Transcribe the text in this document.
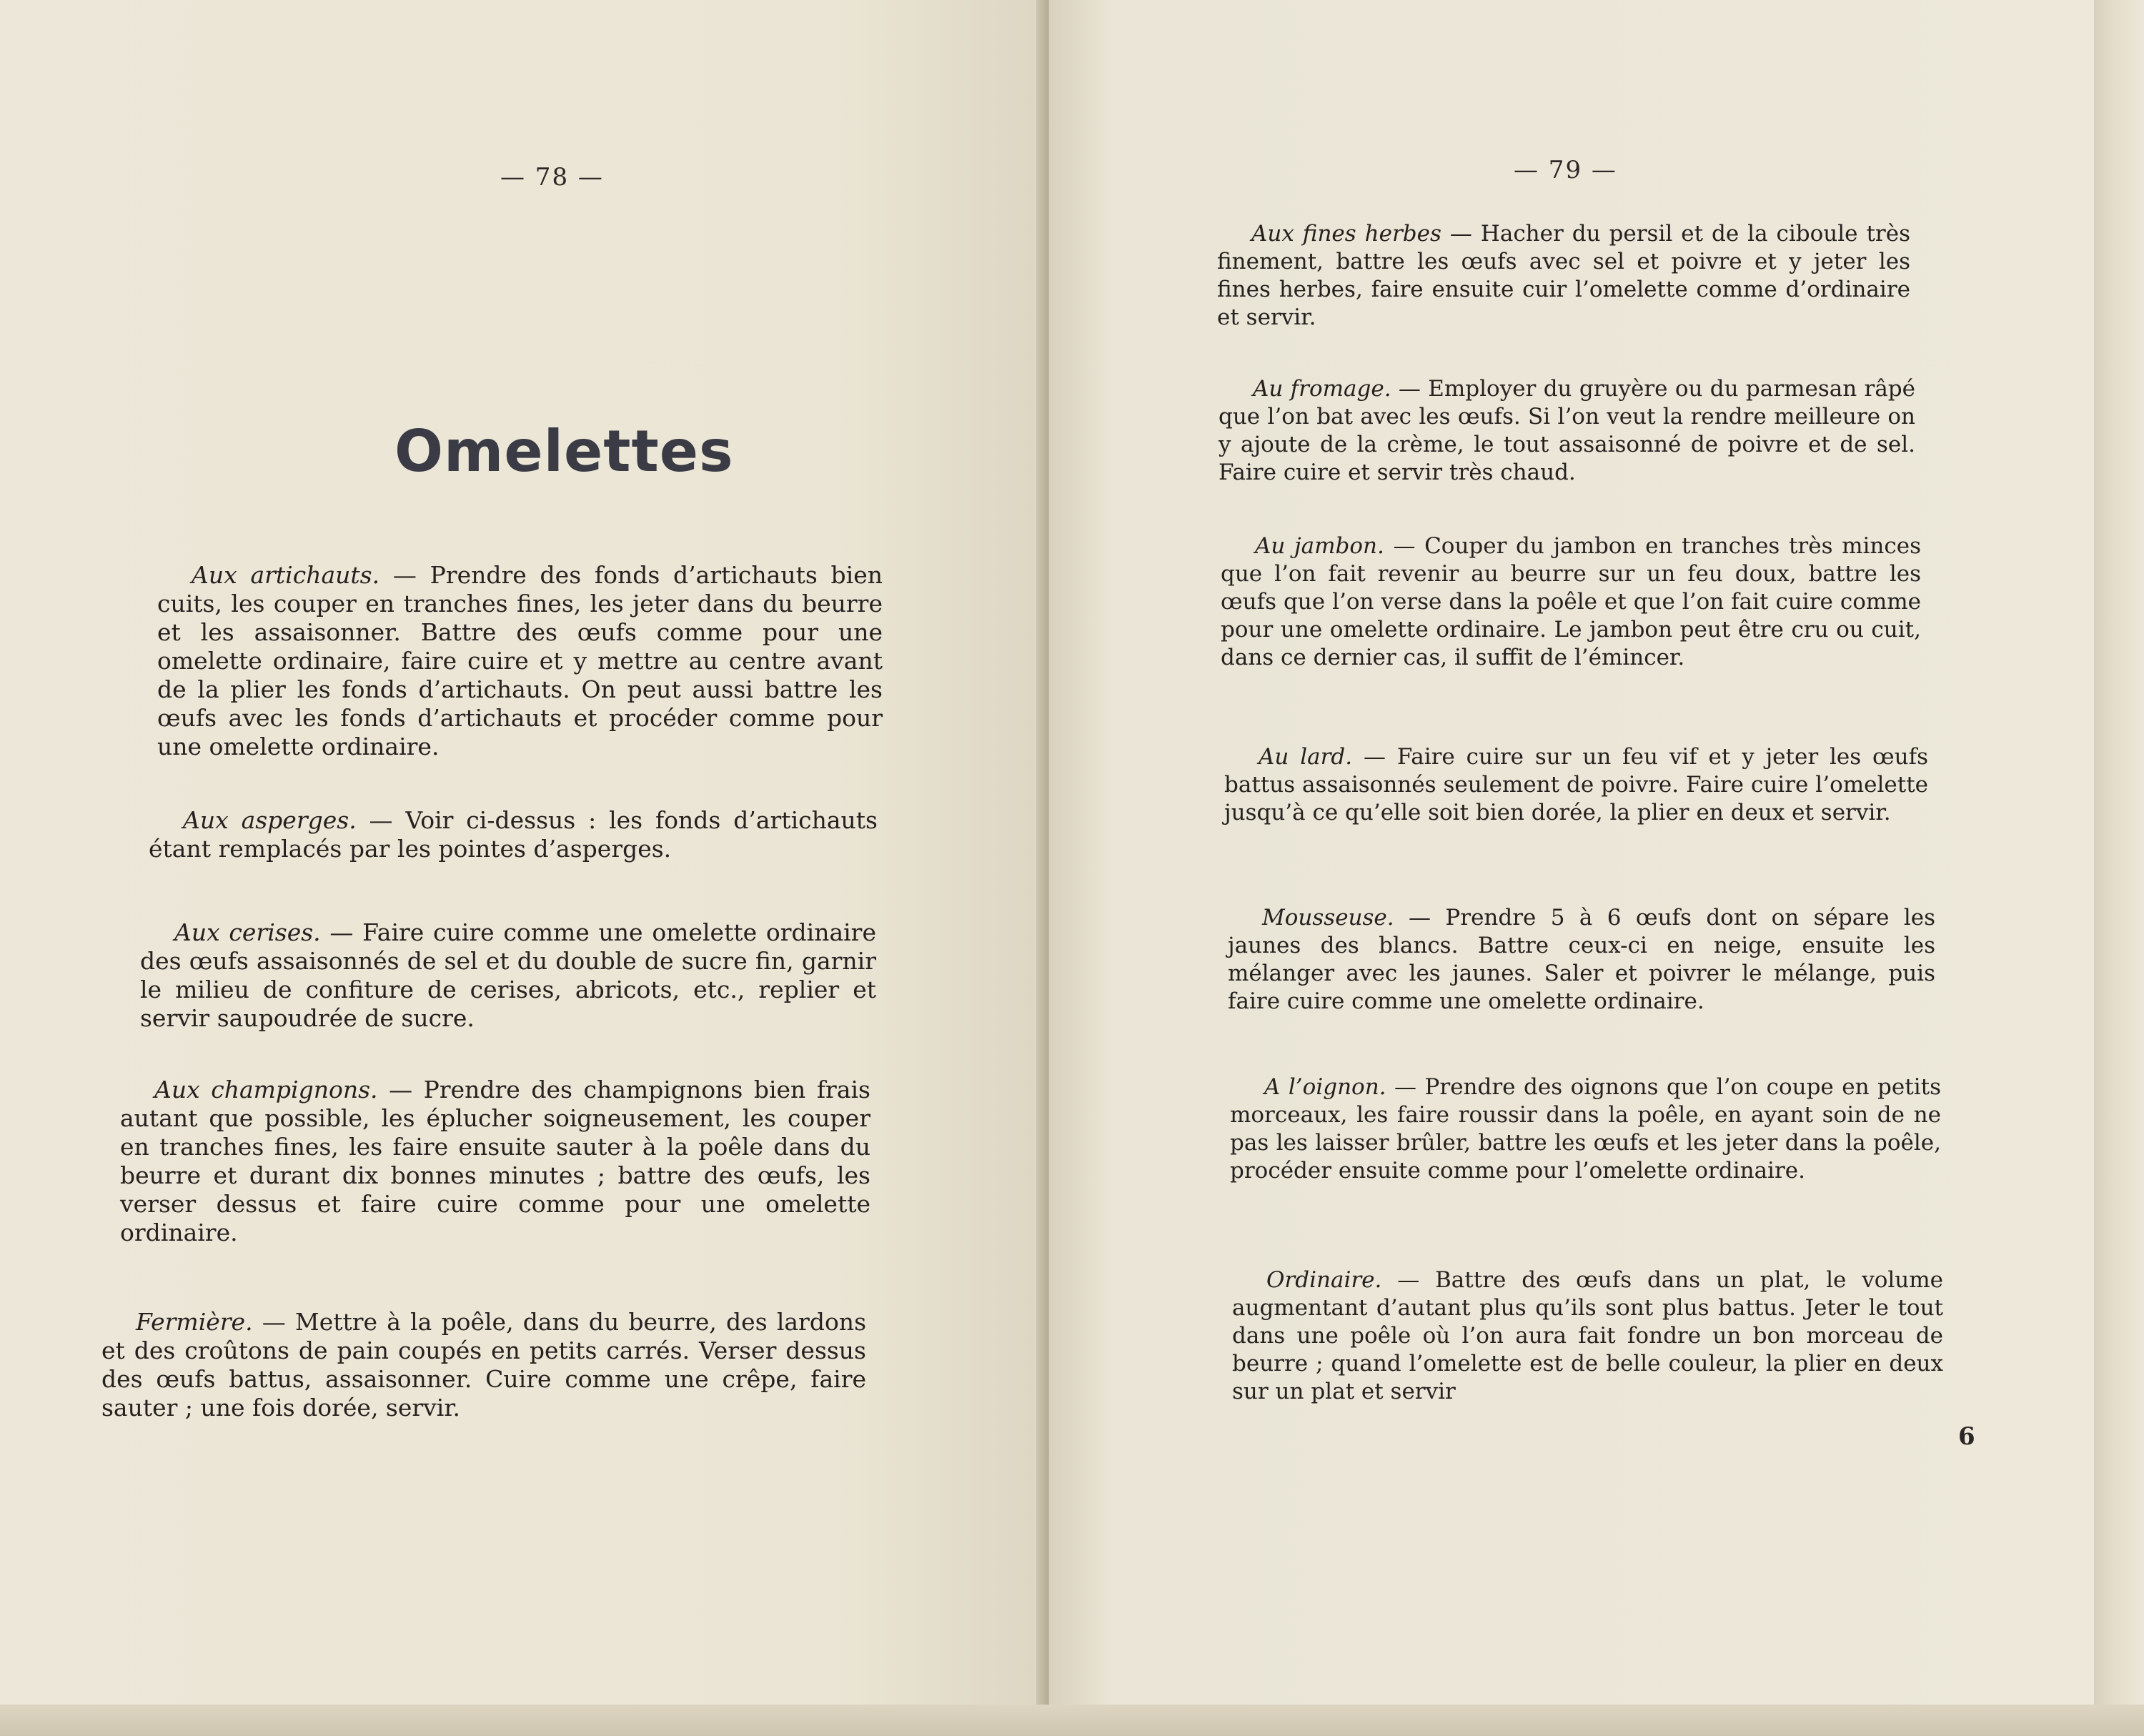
— 78 —
Omelettes

Aux artichauts. — Prendre des fonds d’artichauts bien cuits, les couper en tranches fines, les jeter dans du beurre et les assaisonner. Battre des œufs comme pour une omelette ordinaire, faire cuire et y mettre au centre avant de la plier les fonds d’artichauts. On peut aussi battre les œufs avec les fonds d’artichauts et procéder comme pour une omelette ordinaire.

Aux asperges. — Voir ci-dessus : les fonds d’artichauts étant remplacés par les pointes d’asperges.

Aux cerises. — Faire cuire comme une omelette ordinaire des œufs assaisonnés de sel et du double de sucre fin, garnir le milieu de confiture de cerises, abricots, etc., replier et servir saupoudrée de sucre.

Aux champignons. — Prendre des champignons bien frais autant que possible, les éplucher soigneusement, les couper en tranches fines, les faire ensuite sauter à la poêle dans du beurre et durant dix bonnes minutes ; battre des œufs, les verser dessus et faire cuire comme pour une omelette ordinaire.

Fermière. — Mettre à la poêle, dans du beurre, des lardons et des croûtons de pain coupés en petits carrés. Verser dessus des œufs battus, assaisonner. Cuire comme une crêpe, faire sauter ; une fois dorée, servir.

— 79 —

Aux fines herbes — Hacher du persil et de la ciboule très finement, battre les œufs avec sel et poivre et y jeter les fines herbes, faire ensuite cuir l’omelette comme d’ordinaire et servir.

Au fromage. — Employer du gruyère ou du parmesan râpé que l’on bat avec les œufs. Si l’on veut la rendre meilleure on y ajoute de la crème, le tout assaisonné de poivre et de sel. Faire cuire et servir très chaud.

Au jambon. — Couper du jambon en tranches très minces que l’on fait revenir au beurre sur un feu doux, battre les œufs que l’on verse dans la poêle et que l’on fait cuire comme pour une omelette ordinaire. Le jambon peut être cru ou cuit, dans ce dernier cas, il suffit de l’émincer.

Au lard. — Faire cuire sur un feu vif et y jeter les œufs battus assaisonnés seulement de poivre. Faire cuire l’omelette jusqu’à ce qu’elle soit bien dorée, la plier en deux et servir.

Mousseuse. — Prendre 5 à 6 œufs dont on sépare les jaunes des blancs. Battre ceux-ci en neige, ensuite les mélanger avec les jaunes. Saler et poivrer le mélange, puis faire cuire comme une omelette ordinaire.

A l’oignon. — Prendre des oignons que l’on coupe en petits morceaux, les faire roussir dans la poêle, en ayant soin de ne pas les laisser brûler, battre les œufs et les jeter dans la poêle, procéder ensuite comme pour l’omelette ordinaire.

Ordinaire. — Battre des œufs dans un plat, le volume augmentant d’autant plus qu’ils sont plus battus. Jeter le tout dans une poêle où l’on aura fait fondre un bon morceau de beurre ; quand l’omelette est de belle couleur, la plier en deux sur un plat et servir

6
